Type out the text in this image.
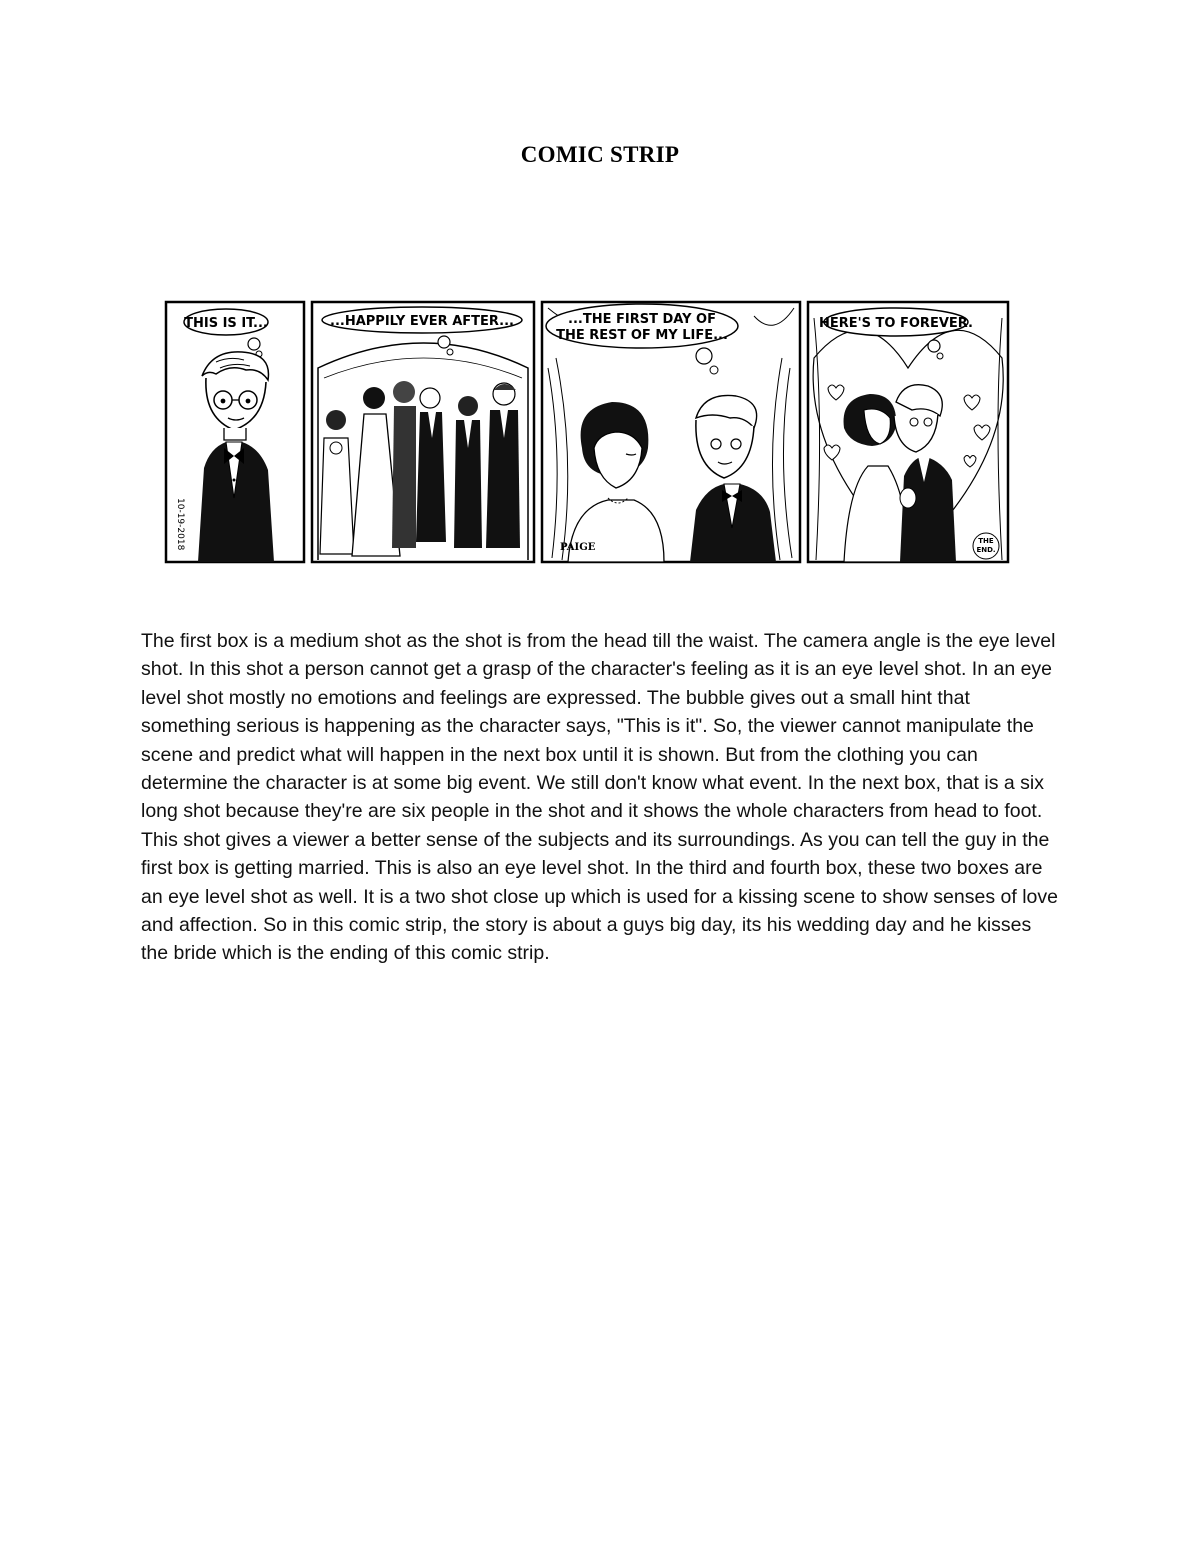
COMIC STRIP
THIS IS IT...
10-19-2018
...HAPPILY EVER AFTER...	...THE FIRST DAY OF
THE REST OF MY LIFE...
PAIGE
HERE'S TO FOREVER.
THE
END.

The first box is a medium shot as the shot is from the head till the waist. The camera angle is the eye level shot. In this shot a person cannot get a grasp of the character's feeling as it is an eye level shot. In an eye level shot mostly no emotions and feelings are expressed. The bubble gives out a small hint that something serious is happening as the character says, "This is it". So, the viewer cannot manipulate the scene and predict what will happen in the next box until it is shown. But from the clothing you can determine the character is at some big event. We still don't know what event. In the next box, that is a six long shot because they're are six people in the shot and it shows the whole characters from head to foot. This shot gives a viewer a better sense of the subjects and its surroundings. As you can tell the guy in the first box is getting married. This is also an eye level shot. In the third and fourth box, these two boxes are an eye level shot as well. It is a two shot close up which is used for a kissing scene to show senses of love and affection. So in this comic strip, the story is about a guys big day, its his wedding day and he kisses the bride which is the ending of this comic strip.
